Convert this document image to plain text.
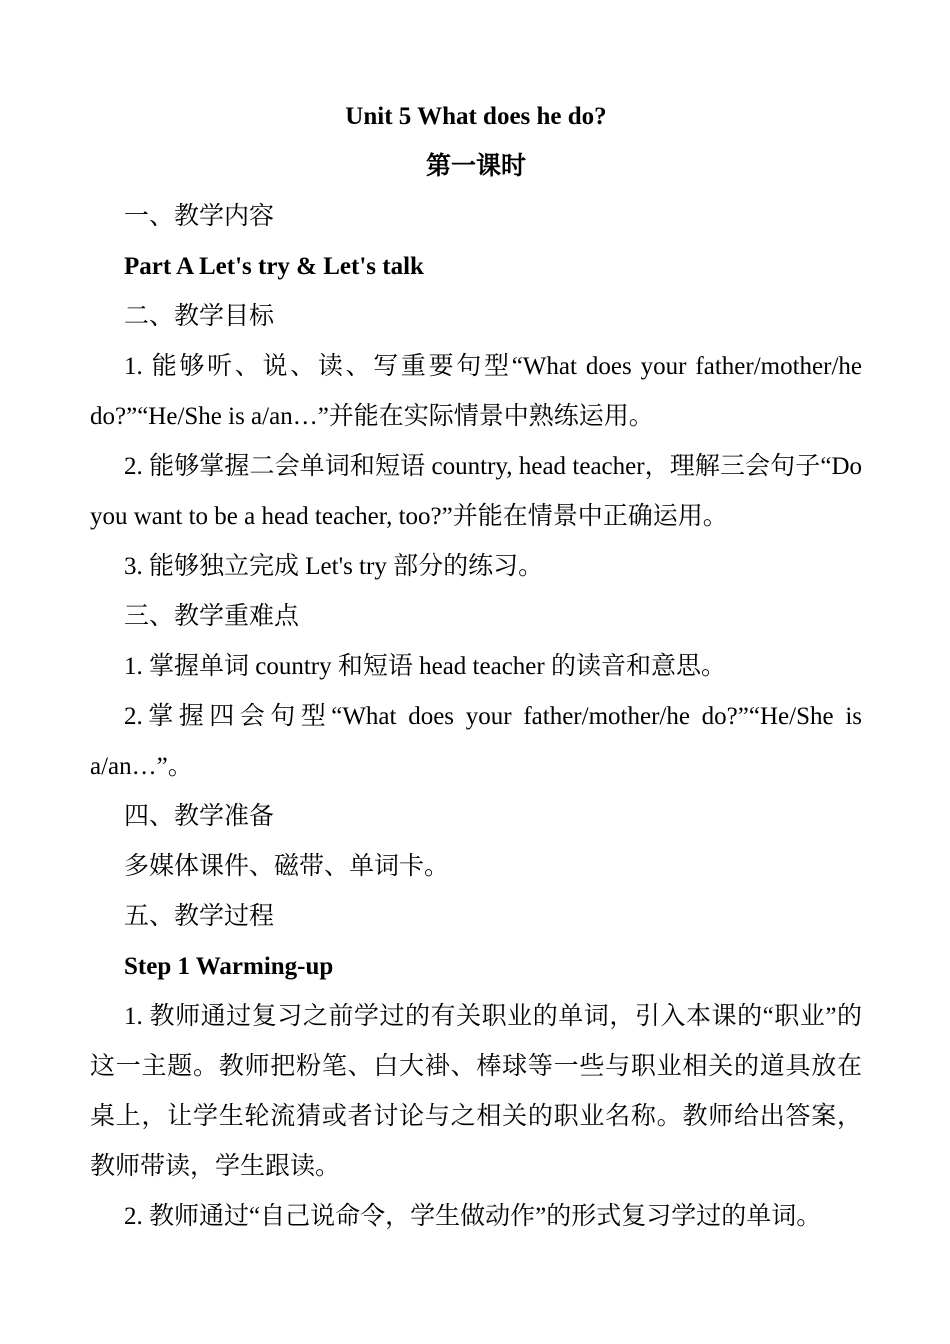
Unit 5 What does he do?
第一课时
一、教学内容
Part A Let's try & Let's talk
二、教学目标
1. 能够听、说、读、写重要句型“What does your father/mother/he do?”“He/She is a/an…”并能在实际情景中熟练运用。
2. 能够掌握二会单词和短语 country, head teacher，理解三会句子“Do you want to be a head teacher, too?”并能在情景中正确运用。
3. 能够独立完成 Let's try 部分的练习。
三、教学重难点
1. 掌握单词 country 和短语 head teacher 的读音和意思。
2.掌握四会句型“What does your father/mother/he do?”“He/She is a/an…”。
四、教学准备
多媒体课件、磁带、单词卡。
五、教学过程
Step 1 Warming-up
1. 教师通过复习之前学过的有关职业的单词，引入本课的“职业”的这一主题。教师把粉笔、白大褂、棒球等一些与职业相关的道具放在桌上，让学生轮流猜或者讨论与之相关的职业名称。教师给出答案，教师带读，学生跟读。
2. 教师通过“自己说命令，学生做动作”的形式复习学过的单词。
